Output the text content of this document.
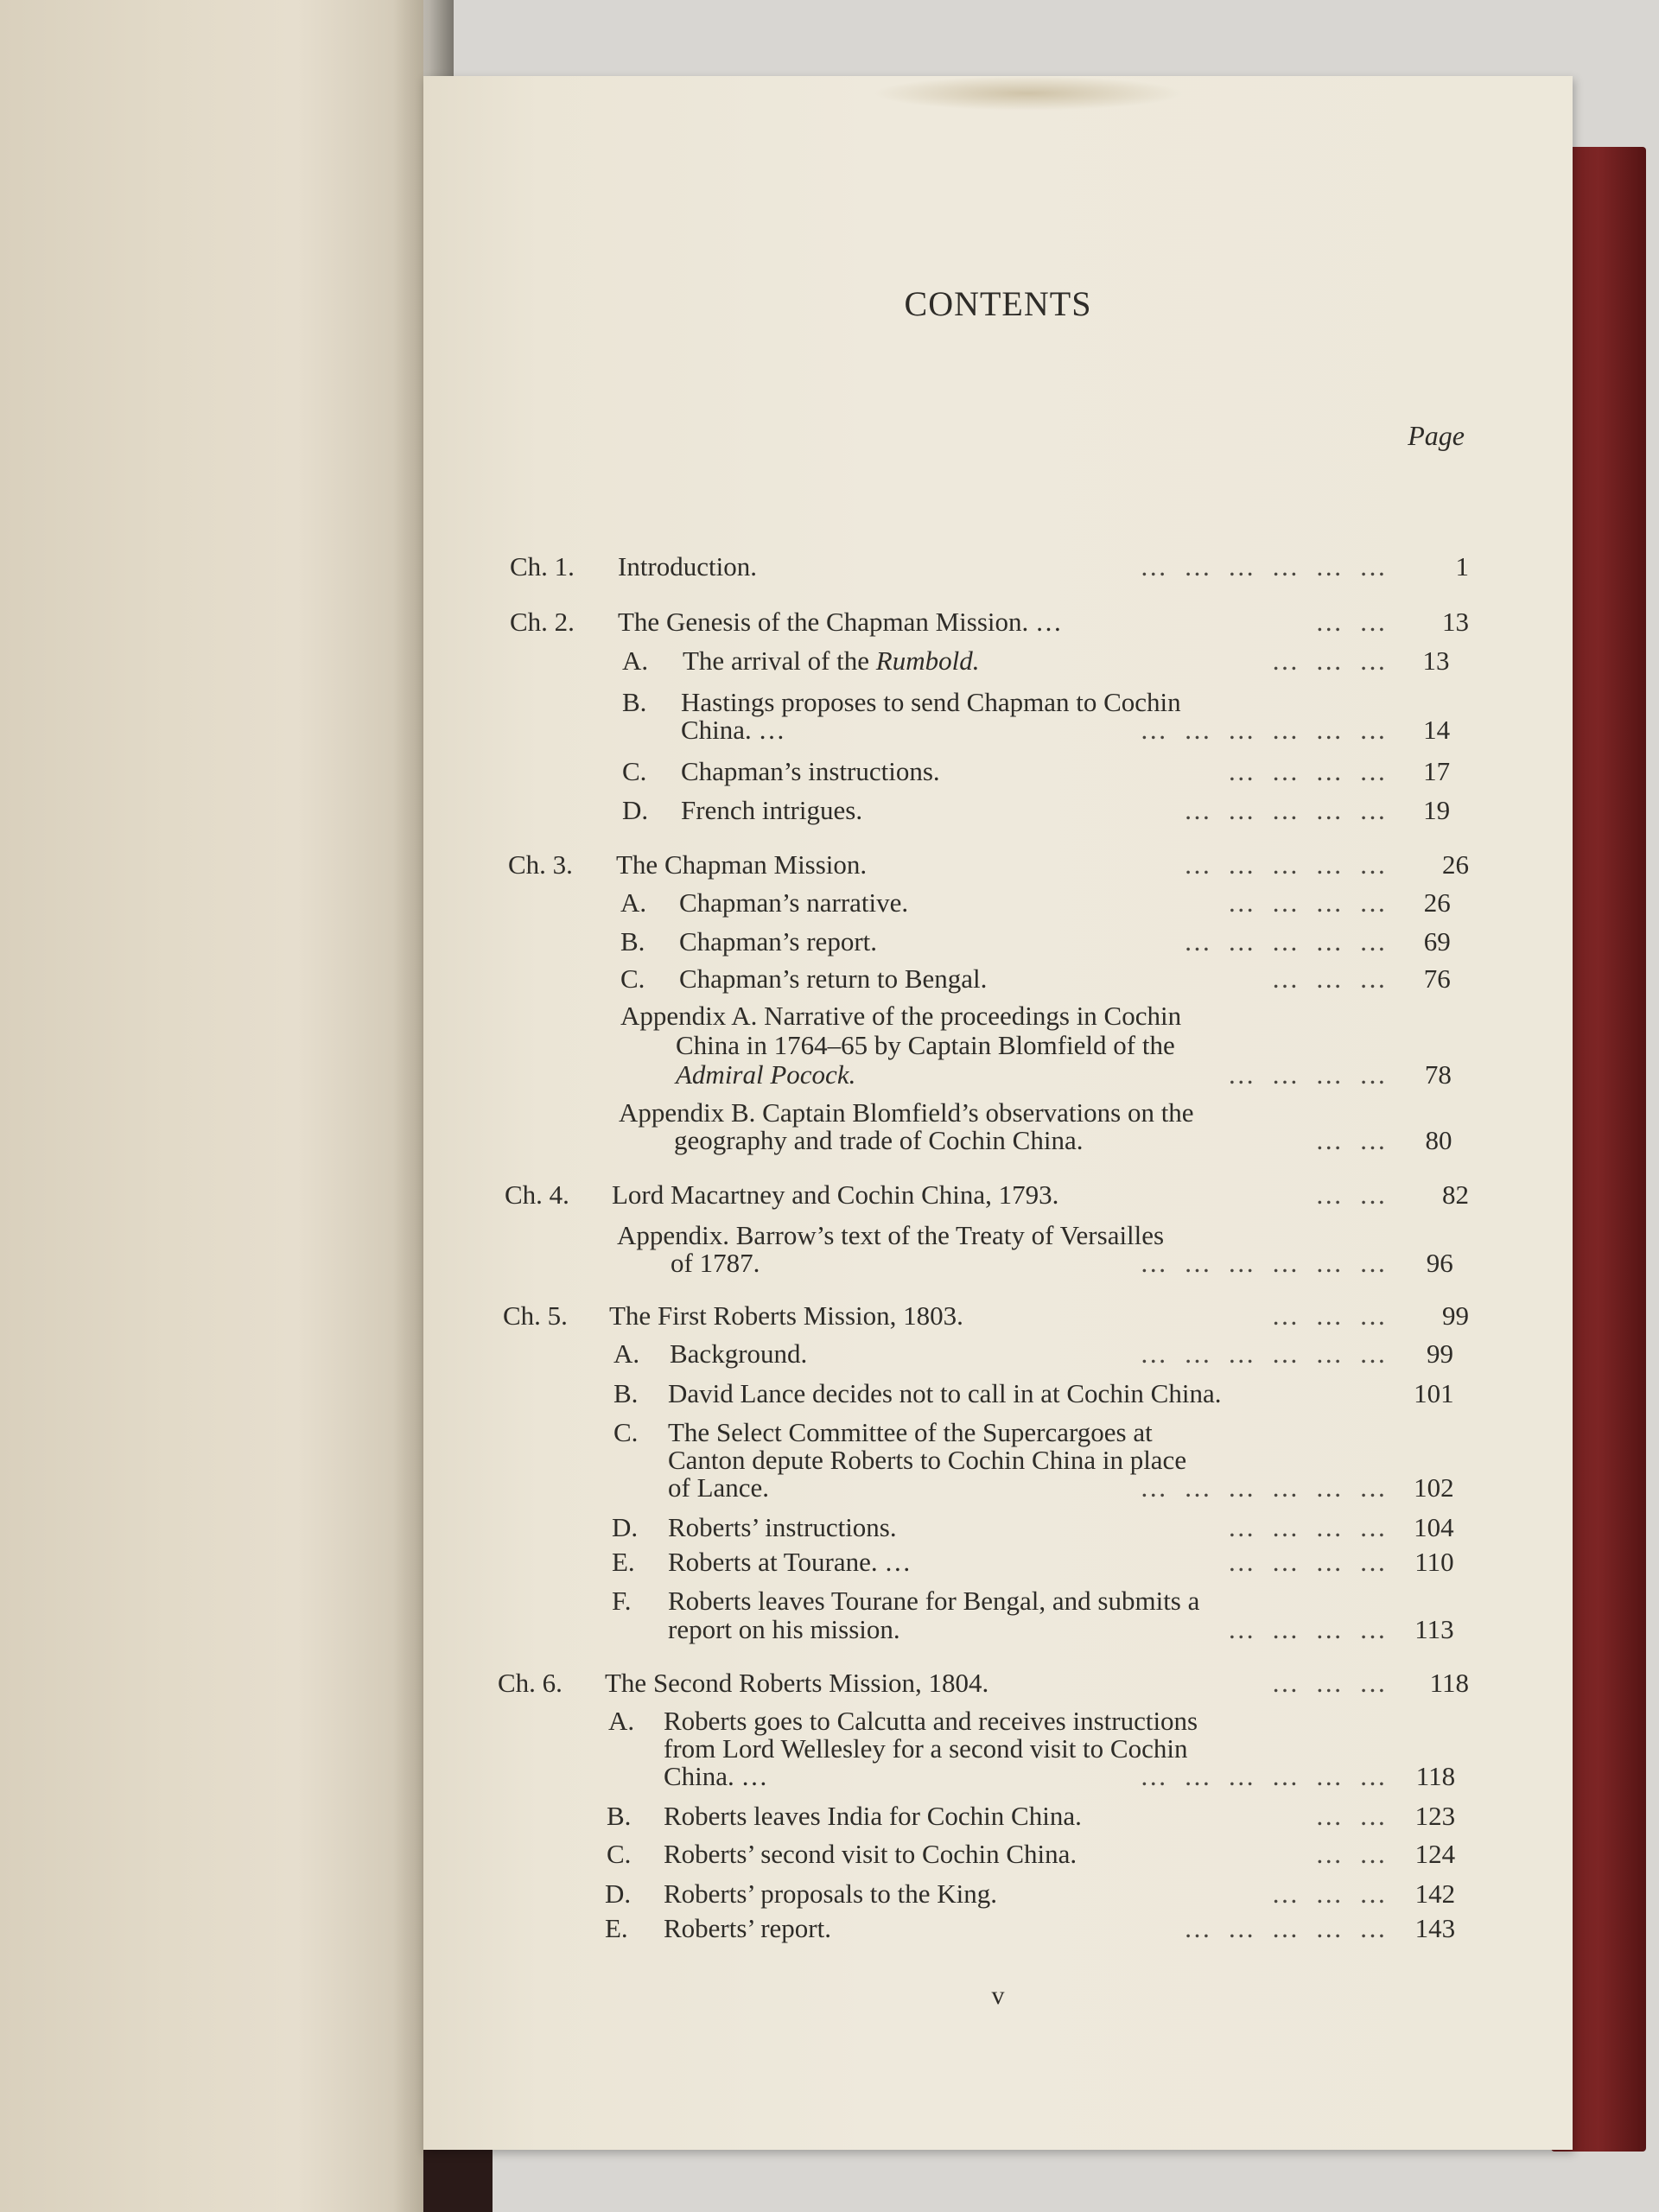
CONTENTS
Page
Ch. 1.	Introduction.	… … … … … …	1
Ch. 2.	The Genesis of the Chapman Mission. …	… …	13
A.	The arrival of the Rumbold.	… … …	13
B.	Hastings proposes to send Chapman to Cochin
China. …	… … … … … …	14
C.	Chapman’s instructions.	… … … …	17
D.	French intrigues.	… … … … …	19
Ch. 3.	The Chapman Mission.	… … … … …	26
A.	Chapman’s narrative.	… … … …	26
B.	Chapman’s report.	… … … … …	69
C.	Chapman’s return to Bengal.	… … …	76
Appendix A. Narrative of the proceedings in Cochin
China in 1764–65 by Captain Blomfield of the
Admiral Pocock.	… … … …	78
Appendix B. Captain Blomfield’s observations on the
geography and trade of Cochin China.	… …	80
Ch. 4.	Lord Macartney and Cochin China, 1793.	… …	82
Appendix. Barrow’s text of the Treaty of Versailles
of 1787.	… … … … … …	96
Ch. 5.	The First Roberts Mission, 1803.	… … …	99
A.	Background.	… … … … … …	99
B.	David Lance decides not to call in at Cochin China.	101
C.	The Select Committee of the Supercargoes at
Canton depute Roberts to Cochin China in place
of Lance.	… … … … … … 102
D.	Roberts’ instructions.	… … … … 104
E.	Roberts at Tourane. …	… … … … 110
F.	Roberts leaves Tourane for Bengal, and submits a
report on his mission.	… … … … 113
Ch. 6.	The Second Roberts Mission, 1804.	… … …	118
A.	Roberts goes to Calcutta and receives instructions
from Lord Wellesley for a second visit to Cochin
China. …	… … … … … … 118
B.	Roberts leaves India for Cochin China.	… … 123
C.	Roberts’ second visit to Cochin China.	… … 124
D.	Roberts’ proposals to the King.	… … … 142
E.	Roberts’ report.	… … … … … 143
v
